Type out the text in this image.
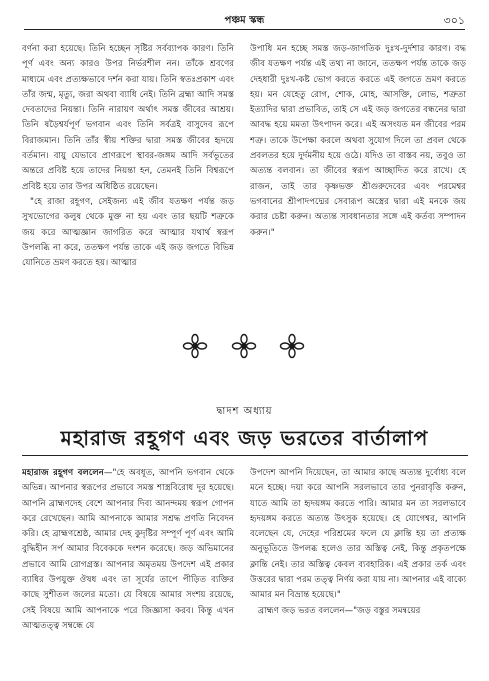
পঞ্চম স্কন্ধ	৩০১

বর্ণনা করা হয়েছে। তিনি হচ্ছেন সৃষ্টির সর্বব্যাপক কারণ। তিনি পূর্ণ এবং অন্য কারও উপর নির্ভরশীল নন। তাঁকে শ্রবণের মাধ্যমে এবং প্রত্যক্ষভাবে দর্শন করা যায়। তিনি স্বতঃপ্রকাশ এবং তাঁর জন্ম, মৃত্যু, জরা অথবা ব্যাধি নেই। তিনি ব্রহ্মা আদি সমস্ত দেবতাদের নিয়ন্তা। তিনি নারায়ণ অর্থাৎ সমস্ত জীবের আশ্রয়। তিনি ষড়ৈশ্বর্যপূর্ণ ভগবান এবং তিনি সর্বত্রই বাসুদেব রূপে বিরাজমান। তিনি তাঁর স্বীয় শক্তির দ্বারা সমস্ত জীবের হৃদয়ে বর্তমান। বায়ু যেভাবে প্রাণরূপে স্থাবর-জঙ্গম আদি সর্বভূতের অন্তরে প্রবিষ্ট হয়ে তাদের নিয়ন্তা হন, তেমনই তিনি বিশ্বরূপে প্রবিষ্ট হয়ে তার উপর অধিষ্ঠিত রয়েছেন।

"হে রাজা রহূগণ, সেইজন্য এই জীব যতক্ষণ পর্যন্ত জড় সুখভোগের কলুষ থেকে মুক্ত না হয় এবং তার ছয়টি শত্রুকে জয় করে আত্মজ্ঞান জাগরিত করে আত্মার যথার্থ স্বরূপ উপলব্ধি না করে, ততক্ষণ পর্যন্ত তাকে এই জড় জগতে বিভিন্ন যোনিতে ভ্রমণ করতে হয়। আত্মার

উপাধি মন হচ্ছে সমস্ত জড়-জাগতিক দুঃখ-দুর্দশার কারণ। বদ্ধ জীব যতক্ষণ পর্যন্ত এই তথ্য না জানে, ততক্ষণ পর্যন্ত তাকে জড় দেহধারী দুঃখ-কষ্ট ভোগ করতে করতে এই জগতে ভ্রমণ করতে হয়। মন যেহেতু রোগ, শোক, মোহ, আসক্তি, লোভ, শত্রুতা ইত্যাদির দ্বারা প্রভাবিত, তাই সে এই জড় জগতের বন্ধনের দ্বারা আবদ্ধ হয়ে মমতা উৎপাদন করে। এই অসংযত মন জীবের পরম শত্রু। তাকে উপেক্ষা করলে অথবা সুযোগ দিলে তা প্রবল থেকে প্রবলতর হয়ে দুর্দমনীয় হয়ে ওঠে। যদিও তা বাস্তব নয়, তবুও তা অত্যন্ত বলবান। তা জীবের স্বরূপ আচ্ছাদিত করে রাখে। হে রাজন, তাই তার কৃষ্ণভক্ত শ্রীগুরুদেবের এবং পরমেশ্বর ভগবানের শ্রীপাদপদ্মের সেবারূপ অস্ত্রের দ্বারা এই মনকে জয় করার চেষ্টা করুন। অত্যন্ত সাবধানতার সঙ্গে এই কর্তব্য সম্পাদন করুন।"

দ্বাদশ অধ্যায়
মহারাজ রহূগণ এবং জড় ভরতের বার্তালাপ

মহারাজ রহূগণ বললেন—"হে অবধূত, আপনি ভগবান থেকে অভিন্ন। আপনার স্বরূপের প্রভাবে সমস্ত শাস্ত্রবিরোধ দূর হয়েছে। আপনি ব্রাহ্মণদেহ বেশে আপনার দিব্য আনন্দময় স্বরূপ গোপন করে রেখেছেন। আমি আপনাকে আমার সশ্রদ্ধ প্রণতি নিবেদন করি। হে ব্রাহ্মণশ্রেষ্ঠ, আমার দেহ কুদৃষ্টির সম্পূর্ণ পূর্ণ এবং আমি বুদ্ধিহীন সর্প আমার বিবেককে দংশন করেছে। জড় অভিমানের প্রভাবে আমি রোগগ্রস্ত। আপনার অমৃতময় উপদেশ এই প্রকার ব্যাধির উপযুক্ত ঔষধ এবং তা সূর্যের তাপে পীড়িত ব্যক্তির কাছে সুশীতল জলের মতো। যে বিষয়ে আমার সংশয় রয়েছে, সেই বিষয়ে আমি আপনাকে পরে জিজ্ঞাসা করব। কিন্তু এখন আত্মতত্ত্ব সম্বন্ধে যে

উপদেশ আপনি দিয়েছেন, তা আমার কাছে অত্যন্ত দুর্বোধ্য বলে মনে হচ্ছে। দয়া করে আপনি সরলভাবে তার পুনরাবৃত্তি করুন, যাতে আমি তা হৃদয়ঙ্গম করতে পারি। আমার মন তা সরলভাবে হৃদয়ঙ্গম করতে অত্যন্ত উৎসুক হয়েছে। হে যোগেশ্বর, আপনি বলেছেন যে, দেহের পরিশ্রমের ফলে যে ক্লান্তি হয় তা প্রত্যক্ষ অনুভূতিতে উপলব্ধ হলেও তার অস্তিত্ব নেই, কিন্তু প্রকৃতপক্ষে ক্লান্তি নেই। তার অস্তিত্ব কেবল ব্যবহারিক। এই প্রকার তর্ক এবং উত্তরের দ্বারা পরম তত্ত্ব নির্ণয় করা যায় না। আপনার এই বাক্যে আমার মন বিভ্রান্ত হয়েছে।"

ব্রাহ্মণ জড় ভরত বললেন—"জড় বস্তুর সমন্বয়ের
